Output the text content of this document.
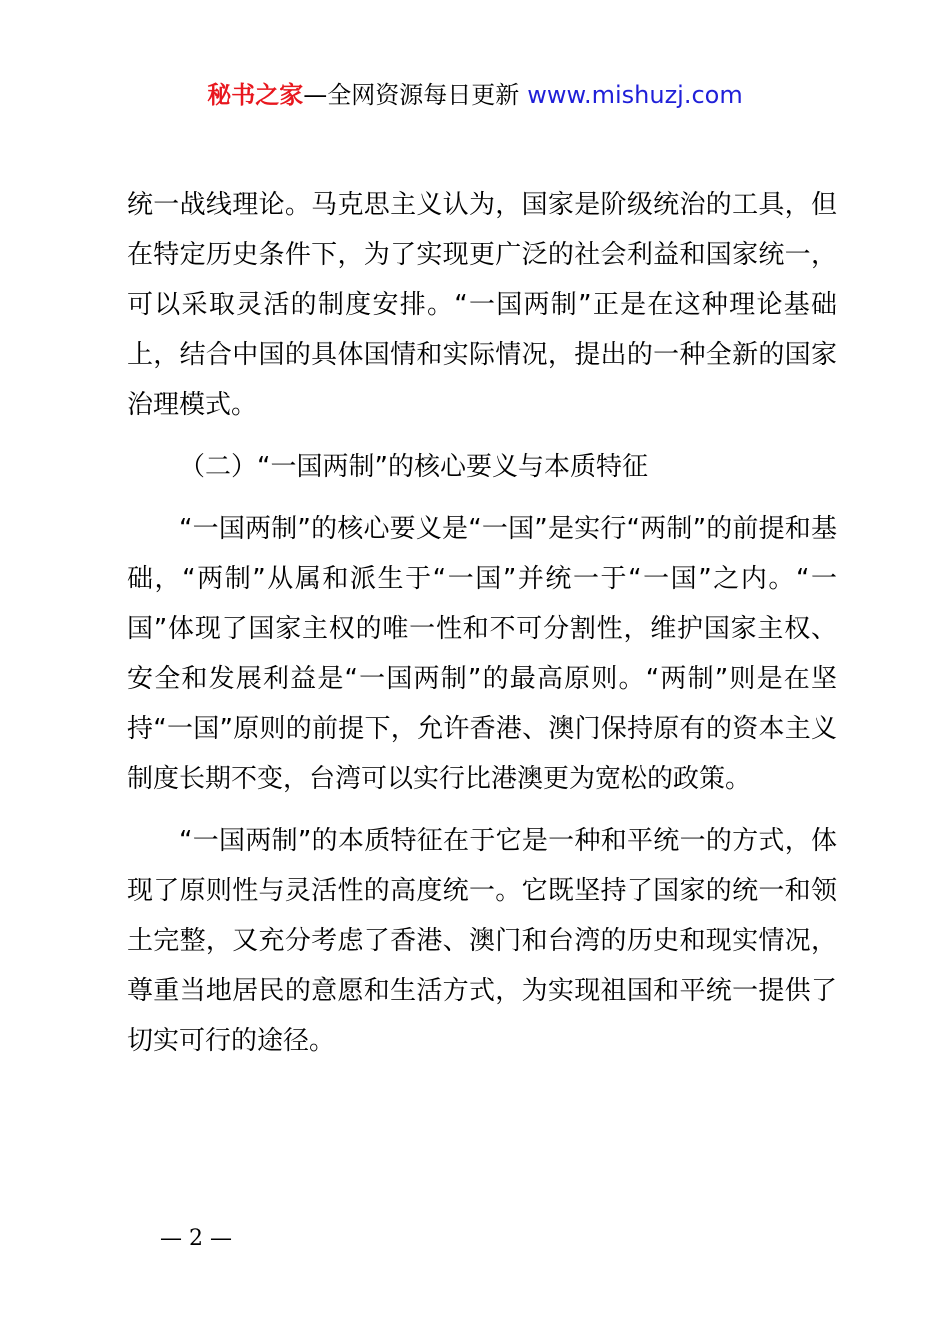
秘书之家—全网资源每日更新 www.mishuzj.com

统一战线理论。马克思主义认为，国家是阶级统治的工具，但在特定历史条件下，为了实现更广泛的社会利益和国家统一，可以采取灵活的制度安排。“一国两制”正是在这种理论基础上，结合中国的具体国情和实际情况，提出的一种全新的国家治理模式。

（二）“一国两制”的核心要义与本质特征

“一国两制”的核心要义是“一国”是实行“两制”的前提和基础，“两制”从属和派生于“一国”并统一于“一国”之内。“一国”体现了国家主权的唯一性和不可分割性，维护国家主权、安全和发展利益是“一国两制”的最高原则。“两制”则是在坚持“一国”原则的前提下，允许香港、澳门保持原有的资本主义制度长期不变，台湾可以实行比港澳更为宽松的政策。

“一国两制”的本质特征在于它是一种和平统一的方式，体现了原则性与灵活性的高度统一。它既坚持了国家的统一和领土完整，又充分考虑了香港、澳门和台湾的历史和现实情况，尊重当地居民的意愿和生活方式，为实现祖国和平统一提供了切实可行的途径。

— 2 —
